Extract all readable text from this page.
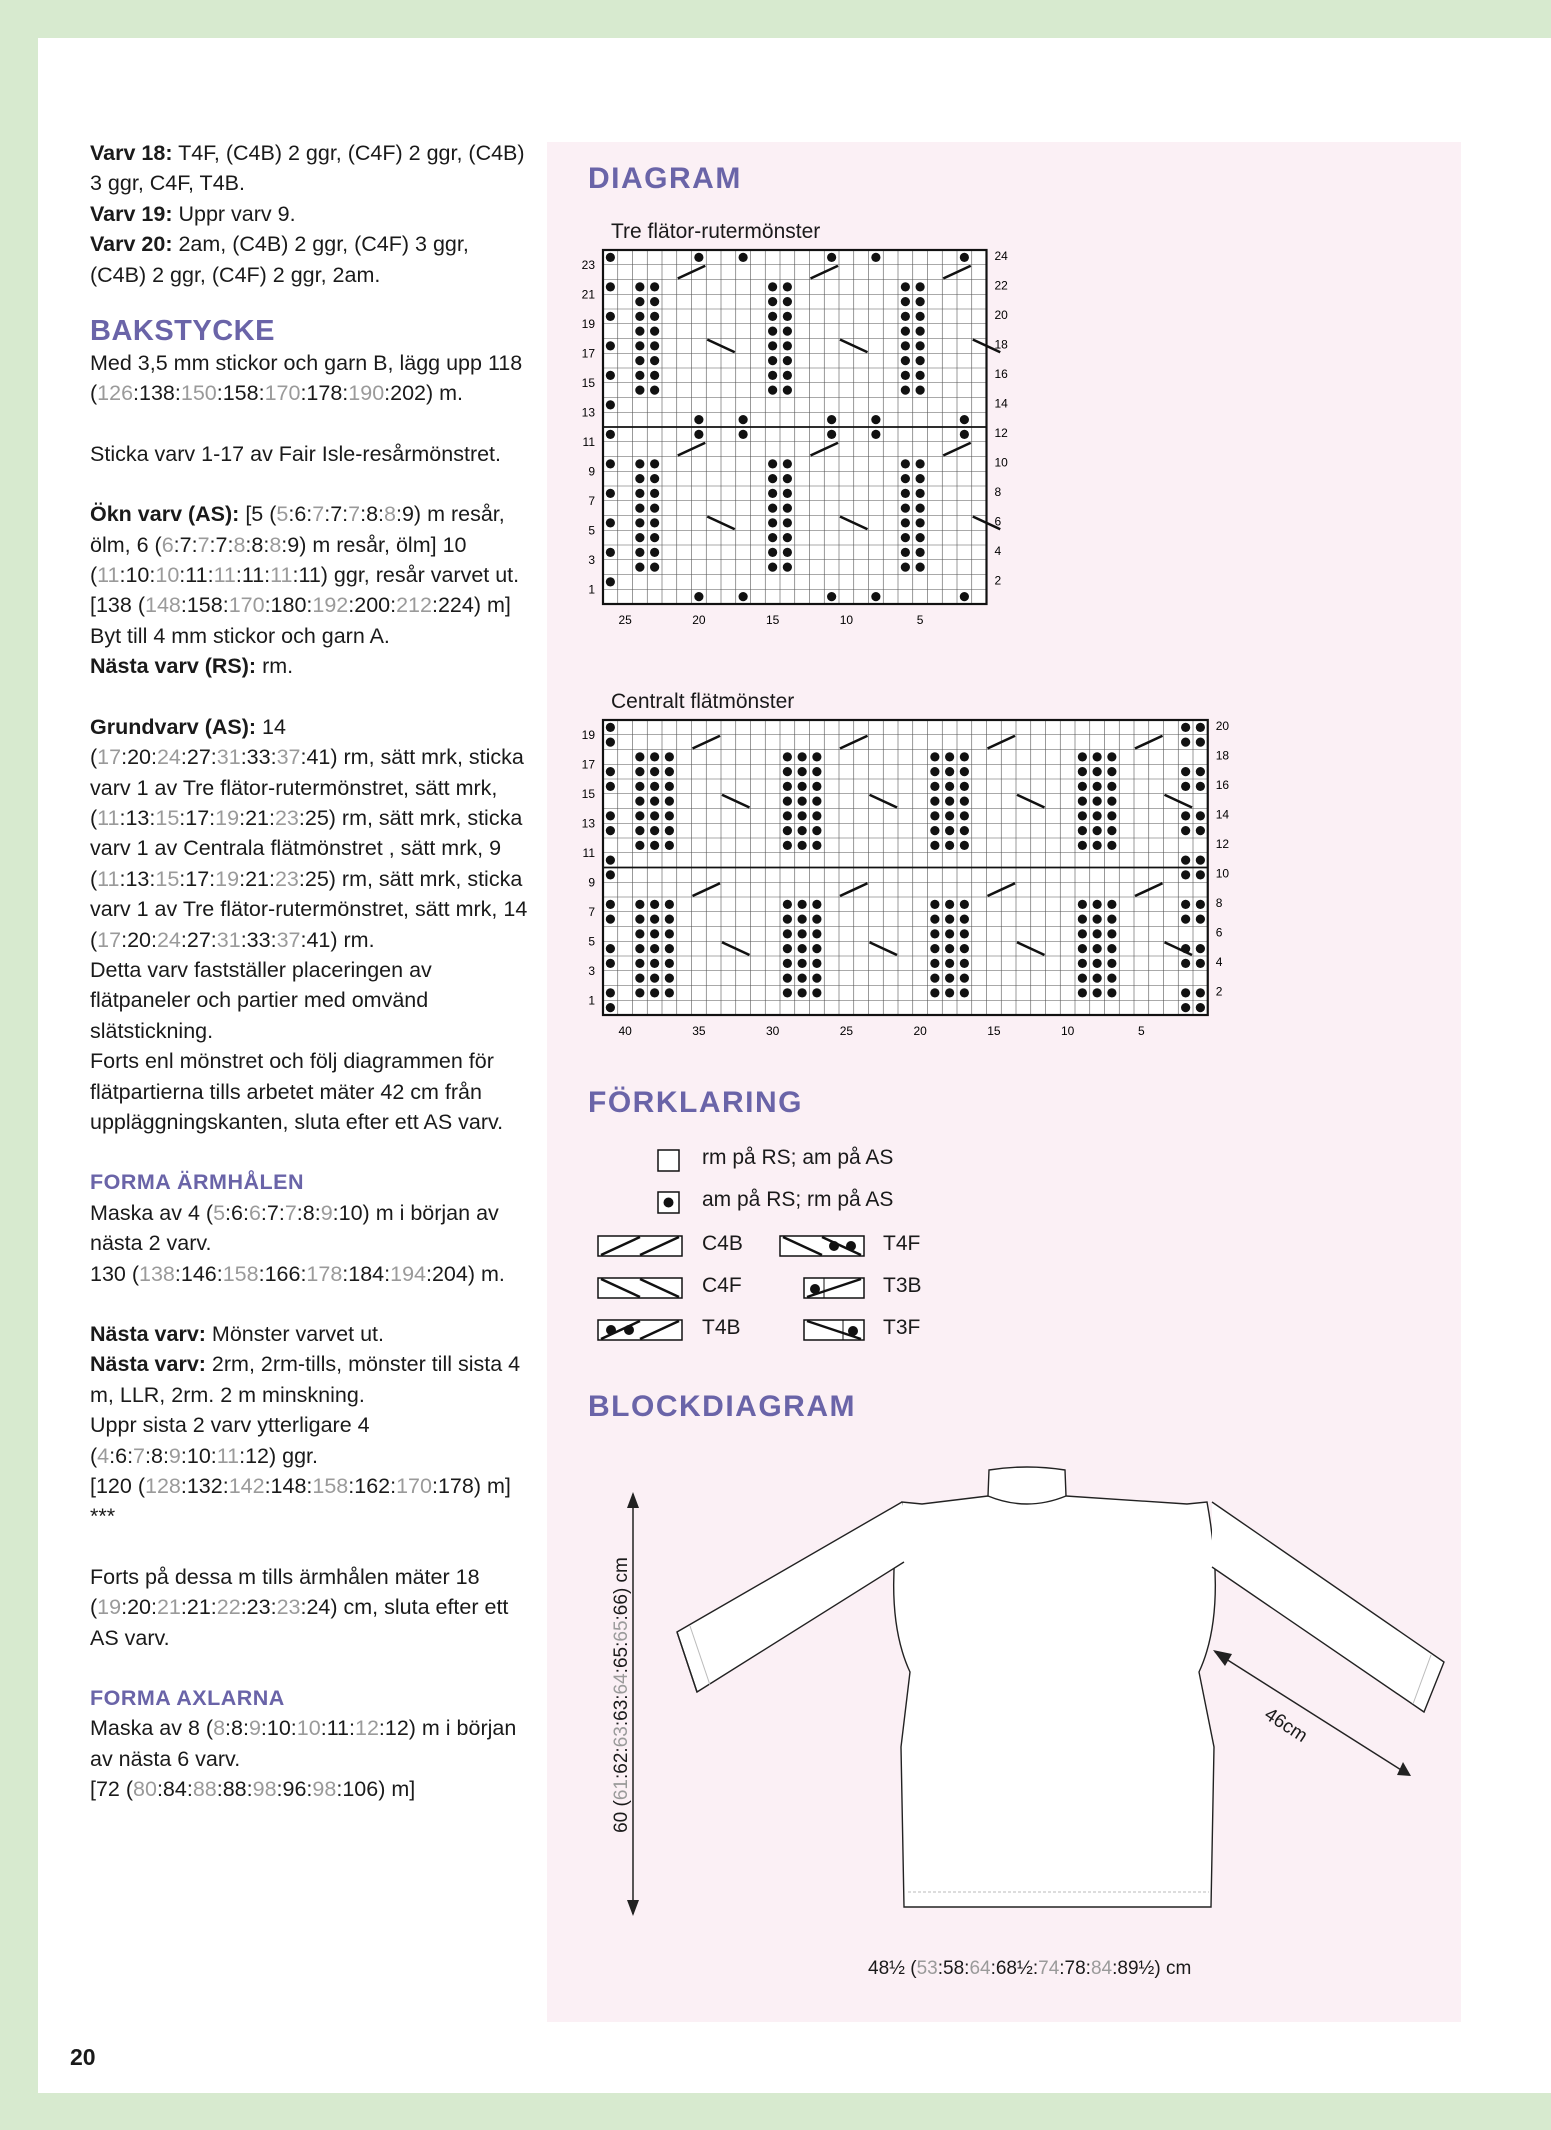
Varv 18: T4F, (C4B) 2 ggr, (C4F) 2 ggr, (C4B) 3 ggr, C4F, T4B.

Varv 19: Uppr varv 9.

Varv 20: 2am, (C4B) 2 ggr, (C4F) 3 ggr, (C4B) 2 ggr, (C4F) 2 ggr, 2am.

BAKSTYCKE

Med 3,5 mm stickor och garn B, lägg upp 118 (126:138:150:158:170:178:190:202) m.

Sticka varv 1-17 av Fair Isle-resårmönstret.

Ökn varv (AS): [5 (5:6:7:7:7:8:8:9) m resår, ölm, 6 (6:7:7:7:8:8:8:9) m resår, ölm] 10 (11:10:10:11:11:11:11:11) ggr, resår varvet ut.

[138 (148:158:170:180:192:200:212:224) m]

Byt till 4 mm stickor och garn A.

Nästa varv (RS): rm.

Grundvarv (AS): 14 (17:20:24:27:31:33:37:41) rm, sätt mrk, sticka varv 1 av Tre flätor-rutermönstret, sätt mrk, (11:13:15:17:19:21:23:25) rm, sätt mrk, sticka varv 1 av Centrala flätmönstret , sätt mrk, 9 (11:13:15:17:19:21:23:25) rm, sätt mrk, sticka varv 1 av Tre flätor-rutermönstret, sätt mrk, 14 (17:20:24:27:31:33:37:41) rm.

Detta varv fastställer placeringen av flätpaneler och partier med omvänd slätstickning.

Forts enl mönstret och följ diagrammen för flätpartierna tills arbetet mäter 42 cm från uppläggningskanten, sluta efter ett AS varv.

FORMA ÄRMHÅLEN

Maska av 4 (5:6:6:7:7:8:9:10) m i början av nästa 2 varv.

130 (138:146:158:166:178:184:194:204) m.

Nästa varv: Mönster varvet ut.

Nästa varv: 2rm, 2rm-tills, mönster till sista 4 m, LLR, 2rm. 2 m minskning.

Uppr sista 2 varv ytterligare 4 (4:6:7:8:9:10:11:12) ggr.

[120 (128:132:142:148:158:162:170:178) m] ***

Forts på dessa m tills ärmhålen mäter 18 (19:20:21:21:22:23:23:24) cm, sluta efter ett AS varv.

FORMA AXLARNA

Maska av 8 (8:8:9:10:10:11:12:12) m i början av nästa 6 varv.

[72 (80:84:88:88:98:96:98:106) m]

DIAGRAM
Tre flätor-rutermönster
23
21
19
17
15
13
11
9
7
5
3
1
24
22
20
18
16
14
12
10
8
6
4
2
25	20	15	10	5
Centralt flätmönster
19
17
15
13
11
9
7
5
3
1
20
18
16
14
12
10
8
6
4
2
40	35	30	25	20	15	10	5
FÖRKLARING
rm på RS; am på AS
am på RS; rm på AS
C4B
C4F
T4B
T4F
T3B
T3F
BLOCKDIAGRAM
60 (61:62:63:63:64:65:65:66) cm
46cm
48½ (53:58:64:68½:74:78:84:89½) cm
20
